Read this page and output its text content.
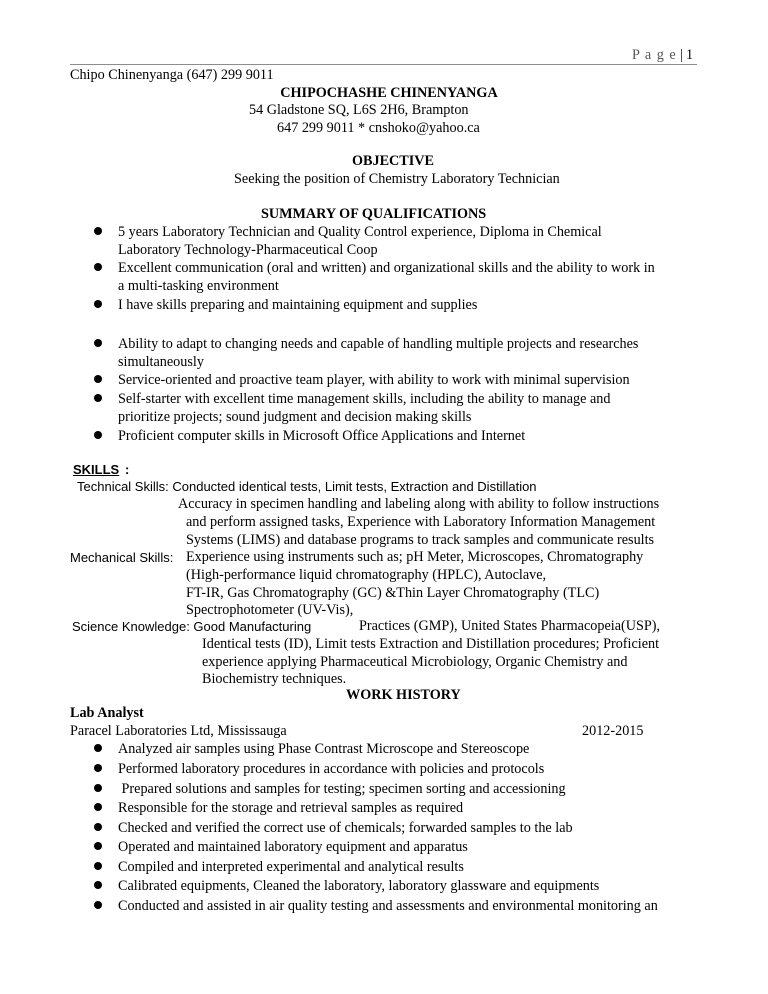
P a g e | 1
Chipo Chinenyanga (647) 299 9011
CHIPOCHASHE CHINENYANGA
54 Gladstone SQ, L6S 2H6, Brampton
647 299 9011 * cnshoko@yahoo.ca
OBJECTIVE
Seeking the position of Chemistry Laboratory Technician
SUMMARY OF QUALIFICATIONS
5 years Laboratory Technician and Quality Control experience, Diploma in Chemical
Laboratory Technology-Pharmaceutical Coop
Excellent communication (oral and written) and organizational skills and the ability to work in
a multi-tasking environment
I have skills preparing and maintaining equipment and supplies
Ability to adapt to changing needs and capable of handling multiple projects and researches
simultaneously
Service-oriented and proactive team player, with ability to work with minimal supervision
Self-starter with excellent time management skills, including the ability to manage and
prioritize projects; sound judgment and decision making skills
Proficient computer skills in Microsoft Office Applications and Internet
SKILLS :
Technical Skills: Conducted identical tests, Limit tests, Extraction and Distillation
Accuracy in specimen handling and labeling along with ability to follow instructions
and perform assigned tasks, Experience with Laboratory Information Management
Systems (LIMS) and database programs to track samples and communicate results
Mechanical Skills: Experience using instruments such as; pH Meter, Microscopes, Chromatography
(High-performance liquid chromatography (HPLC), Autoclave,
FT-IR, Gas Chromatography (GC) &Thin Layer Chromatography (TLC)
Spectrophotometer (UV-Vis),
Science Knowledge: Good Manufacturing	Practices (GMP), United States Pharmacopeia(USP),
Identical tests (ID), Limit tests Extraction and Distillation procedures; Proficient
experience applying Pharmaceutical Microbiology, Organic Chemistry and
Biochemistry techniques.
WORK HISTORY
Lab Analyst
Paracel Laboratories Ltd, Mississauga	2012-2015
Analyzed air samples using Phase Contrast Microscope and Stereoscope
Performed laboratory procedures in accordance with policies and protocols
Prepared solutions and samples for testing; specimen sorting and accessioning
Responsible for the storage and retrieval samples as required
Checked and verified the correct use of chemicals; forwarded samples to the lab
Operated and maintained laboratory equipment and apparatus
Compiled and interpreted experimental and analytical results
Calibrated equipments, Cleaned the laboratory, laboratory glassware and equipments
Conducted and assisted in air quality testing and assessments and environmental monitoring an
